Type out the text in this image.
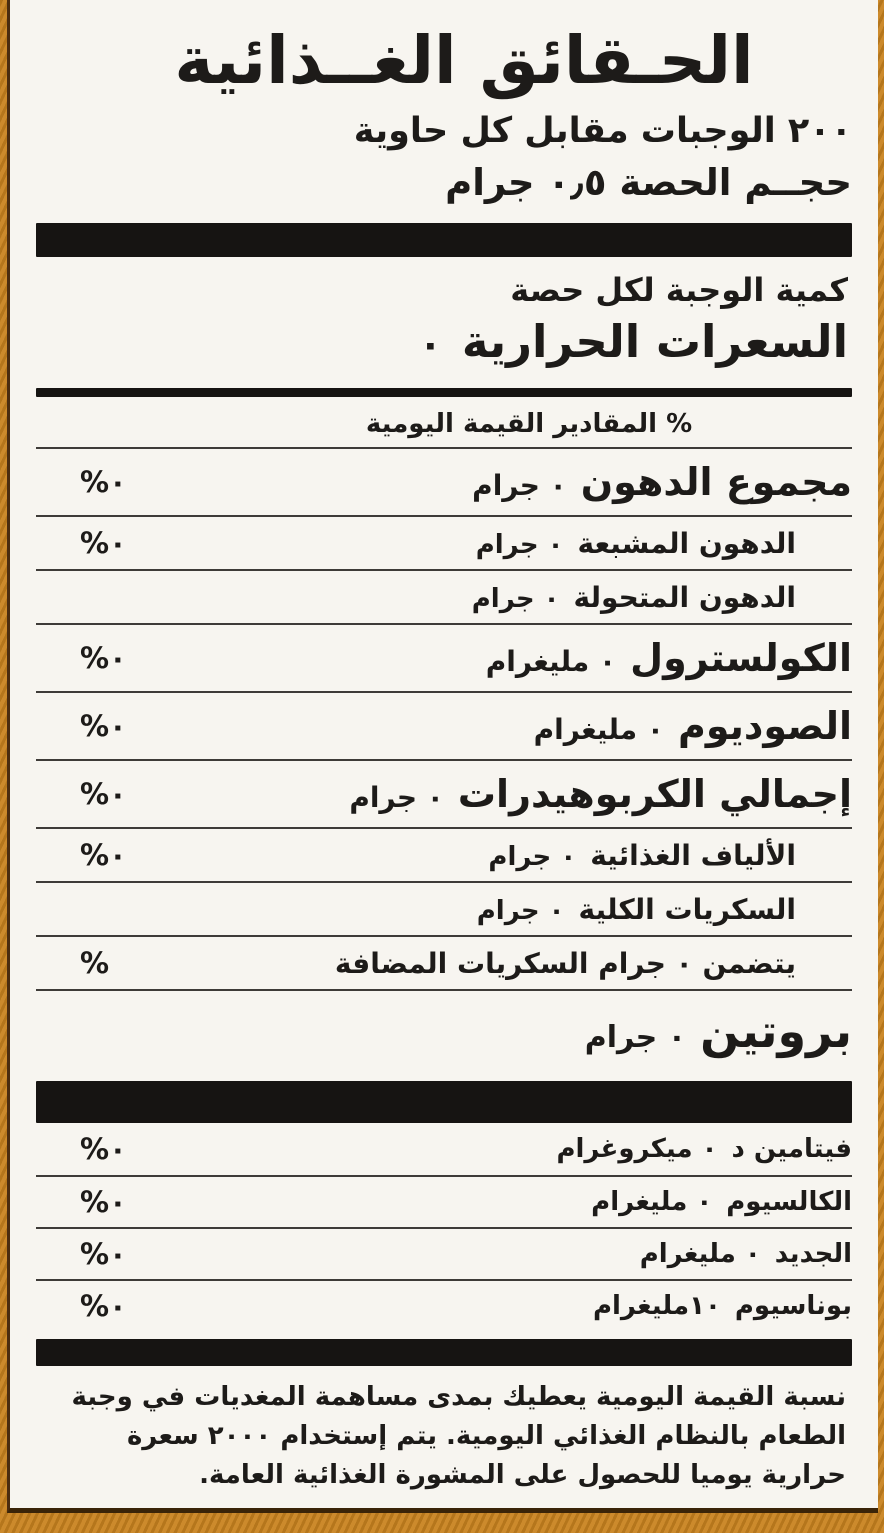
الحـقائق الغــذائية
٢٠٠ الوجبات مقابل كل حاوية
حجــم الحصة ٠٫٥ جرام
كمية الوجبة لكل حصة
السعرات الحرارية
٠
% المقادير القيمة اليومية
مجموع الدهون
٠ جرام
%٠
الدهون المشبعة
٠ جرام
%٠
الدهون المتحولة
٠ جرام
الكولسترول
٠ مليغرام
%٠
الصوديوم
٠ مليغرام
%٠
إجمالي الكربوهيدرات
٠ جرام
%٠
الألياف الغذائية
٠ جرام
%٠
السكريات الكلية
٠ جرام
يتضمن ٠ جرام السكريات المضافة
%
بروتين
٠ جرام
فيتامين د
٠ ميكروغرام
%٠
الكالسيوم
٠ مليغرام
%٠
الجديد
٠ مليغرام
%٠
بوناسيوم
١٠مليغرام
%٠
نسبة القيمة اليومية يعطيك بمدى مساهمة المغديات في وجبة الطعام بالنظام الغذائي اليومية. يتم إستخدام ٢٠٠٠ سعرة حرارية يوميا للحصول على المشورة الغذائية العامة.
